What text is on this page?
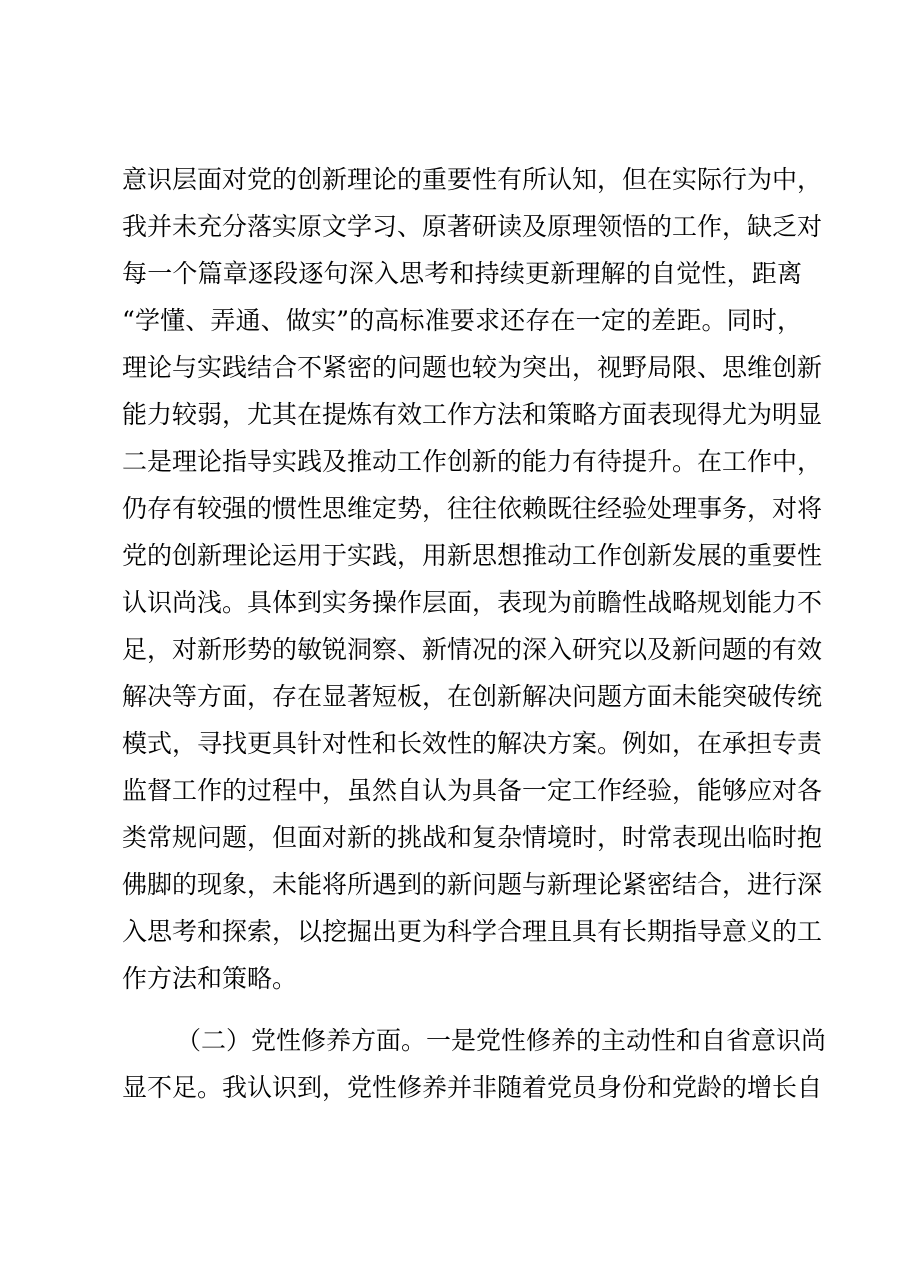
意识层面对党的创新理论的重要性有所认知，但在实际行为中，
我并未充分落实原文学习、原著研读及原理领悟的工作，缺乏对
每一个篇章逐段逐句深入思考和持续更新理解的自觉性，距离
“学懂、弄通、做实”的高标准要求还存在一定的差距。同时，
理论与实践结合不紧密的问题也较为突出，视野局限、思维创新
能力较弱，尤其在提炼有效工作方法和策略方面表现得尤为明显
二是理论指导实践及推动工作创新的能力有待提升。在工作中，
仍存有较强的惯性思维定势，往往依赖既往经验处理事务，对将
党的创新理论运用于实践，用新思想推动工作创新发展的重要性
认识尚浅。具体到实务操作层面，表现为前瞻性战略规划能力不
足，对新形势的敏锐洞察、新情况的深入研究以及新问题的有效
解决等方面，存在显著短板，在创新解决问题方面未能突破传统
模式，寻找更具针对性和长效性的解决方案。例如，在承担专责
监督工作的过程中，虽然自认为具备一定工作经验，能够应对各
类常规问题，但面对新的挑战和复杂情境时，时常表现出临时抱
佛脚的现象，未能将所遇到的新问题与新理论紧密结合，进行深
入思考和探索，以挖掘出更为科学合理且具有长期指导意义的工
作方法和策略。
（二）党性修养方面。一是党性修养的主动性和自省意识尚
显不足。我认识到，党性修养并非随着党员身份和党龄的增长自
